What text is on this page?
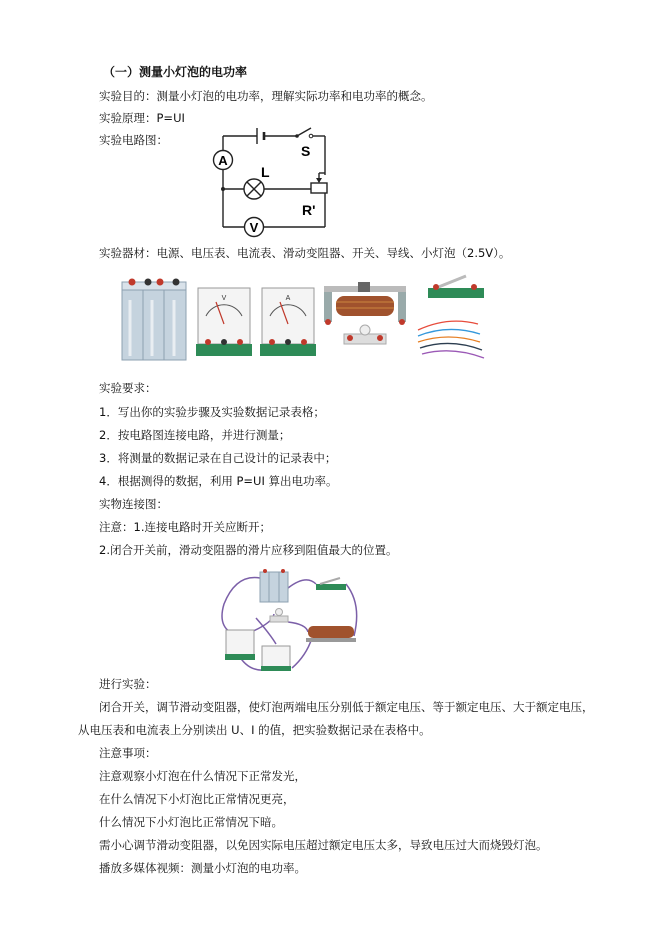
（一）测量小灯泡的电功率
实验目的：测量小灯泡的电功率，理解实际功率和电功率的概念。
实验原理：P=UI
实验电路图：
A
L
V
S
R'
实验器材：电源、电压表、电流表、滑动变阻器、开关、导线、小灯泡（2.5V）。
V	A
实验要求：
1．写出你的实验步骤及实验数据记录表格；
2．按电路图连接电路，并进行测量；
3．将测量的数据记录在自己设计的记录表中；
4．根据测得的数据，利用 P=UI 算出电功率。
实物连接图：
注意：1.连接电路时开关应断开；
2.闭合开关前，滑动变阻器的滑片应移到阻值最大的位置。
进行实验：
闭合开关，调节滑动变阻器，使灯泡两端电压分别低于额定电压、等于额定电压、大于额定电压，
从电压表和电流表上分别读出 U、I 的值，把实验数据记录在表格中。
注意事项：
注意观察小灯泡在什么情况下正常发光，
在什么情况下小灯泡比正常情况更亮，
什么情况下小灯泡比正常情况下暗。
需小心调节滑动变阻器，以免因实际电压超过额定电压太多，导致电压过大而烧毁灯泡。
播放多媒体视频：测量小灯泡的电功率。
